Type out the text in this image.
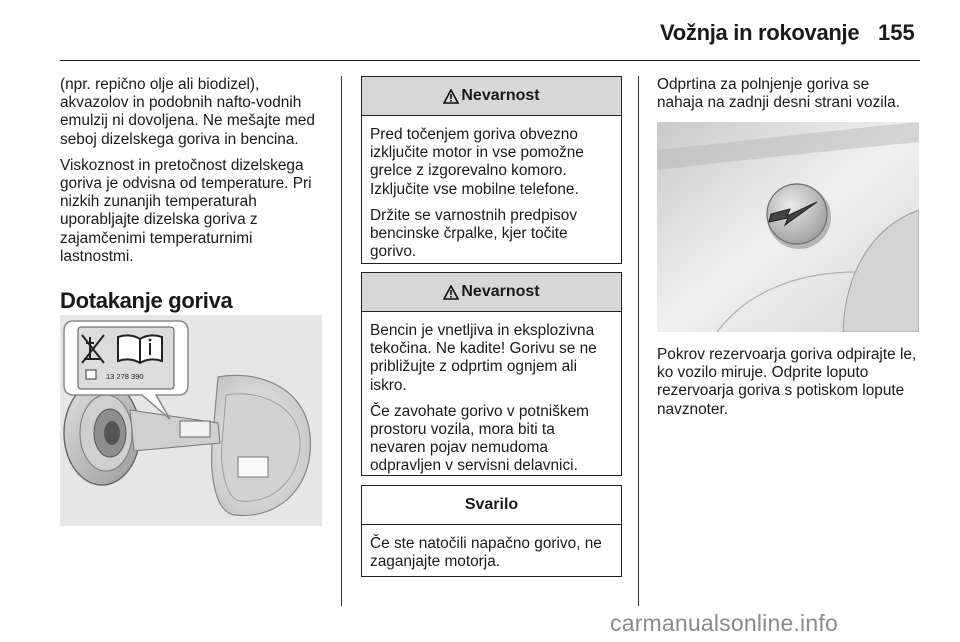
Vožnja in rokovanje 155

(npr. repično olje ali biodizel), akvazolov in podobnih nafto-vodnih emulzij ni dovoljena. Ne mešajte med seboj dizelskega goriva in bencina.

Viskoznost in pretočnost dizelskega goriva je odvisna od temperature. Pri nizkih zunanjih temperaturah uporabljajte dizelska goriva z zajamčenimi temperaturnimi lastnostmi.

Dotakanje goriva
13 278 390
Nevarnost

Pred točenjem goriva obvezno izključite motor in vse pomožne grelce z izgorevalno komoro. Izključite vse mobilne telefone.

Držite se varnostnih predpisov bencinske črpalke, kjer točite gorivo.

Nevarnost

Bencin je vnetljiva in eksplozivna tekočina. Ne kadite! Gorivu se ne približujte z odprtim ognjem ali iskro.

Če zavohate gorivo v potniškem prostoru vozila, mora biti ta nevaren pojav nemudoma odpravljen v servisni delavnici.

Svarilo

Če ste natočili napačno gorivo, ne zaganjajte motorja.

Odprtina za polnjenje goriva se nahaja na zadnji desni strani vozila.

Pokrov rezervoarja goriva odpirajte le, ko vozilo miruje. Odprite loputo rezervoarja goriva s potiskom lopute navznoter.

carmanualsonline.info
